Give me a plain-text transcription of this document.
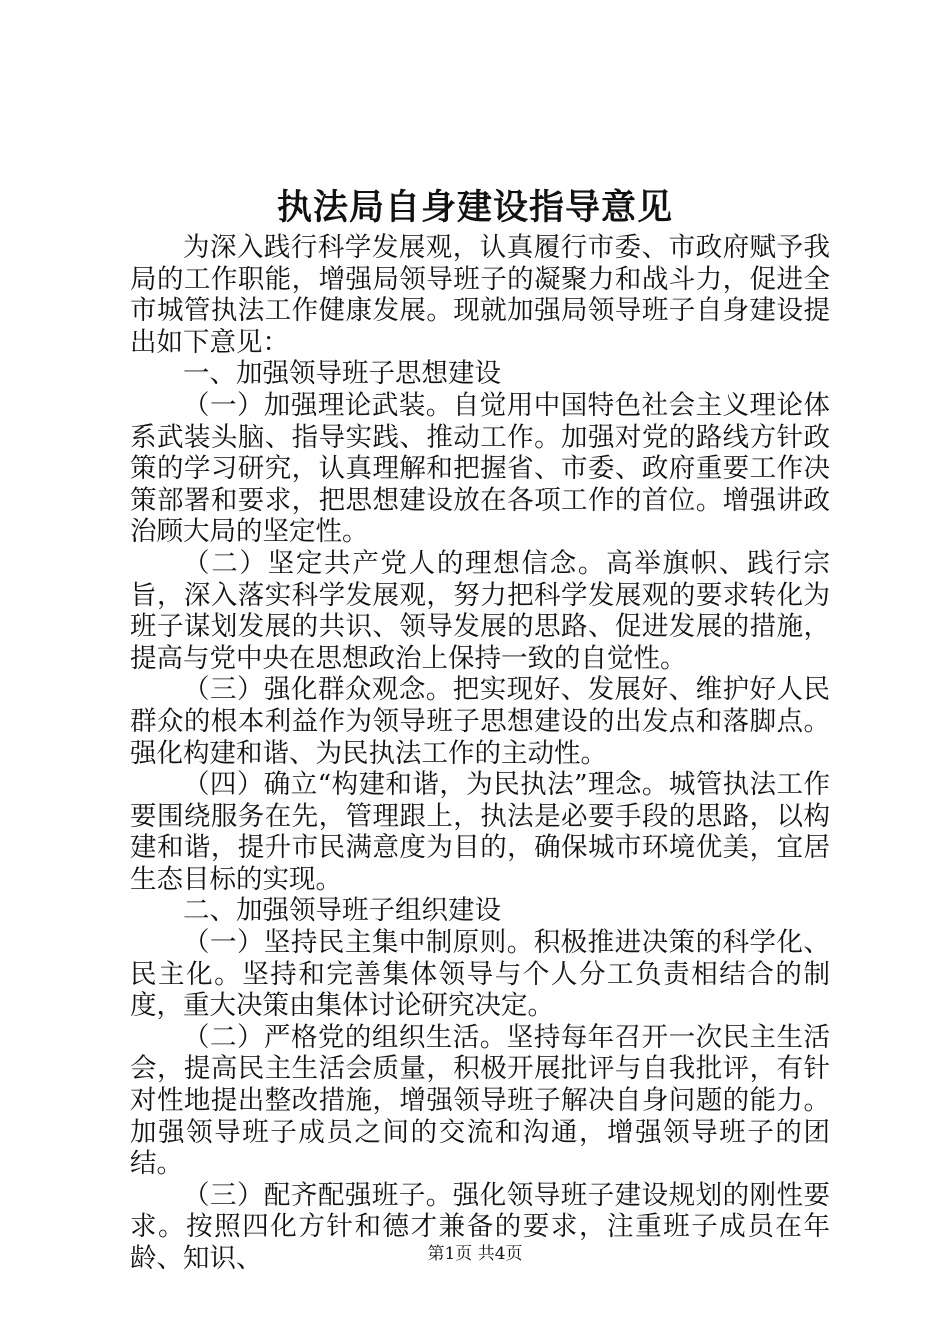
执法局自身建设指导意见

为深入践行科学发展观，认真履行市委、市政府赋予我局的工作职能，增强局领导班子的凝聚力和战斗力，促进全市城管执法工作健康发展。现就加强局领导班子自身建设提出如下意见：

一、加强领导班子思想建设

（一）加强理论武装。自觉用中国特色社会主义理论体系武装头脑、指导实践、推动工作。加强对党的路线方针政策的学习研究，认真理解和把握省、市委、政府重要工作决策部署和要求，把思想建设放在各项工作的首位。增强讲政治顾大局的坚定性。

（二）坚定共产党人的理想信念。高举旗帜、践行宗旨，深入落实科学发展观，努力把科学发展观的要求转化为班子谋划发展的共识、领导发展的思路、促进发展的措施，提高与党中央在思想政治上保持一致的自觉性。

（三）强化群众观念。把实现好、发展好、维护好人民群众的根本利益作为领导班子思想建设的出发点和落脚点。强化构建和谐、为民执法工作的主动性。

（四）确立“构建和谐，为民执法”理念。城管执法工作要围绕服务在先，管理跟上，执法是必要手段的思路，以构建和谐，提升市民满意度为目的，确保城市环境优美，宜居生态目标的实现。

二、加强领导班子组织建设

（一）坚持民主集中制原则。积极推进决策的科学化、民主化。坚持和完善集体领导与个人分工负责相结合的制度，重大决策由集体讨论研究决定。

（二）严格党的组织生活。坚持每年召开一次民主生活会，提高民主生活会质量，积极开展批评与自我批评，有针对性地提出整改措施，增强领导班子解决自身问题的能力。加强领导班子成员之间的交流和沟通，增强领导班子的团结。

（三）配齐配强班子。强化领导班子建设规划的刚性要求。按照四化方针和德才兼备的要求，注重班子成员在年龄、知识、	第1页 共4页
